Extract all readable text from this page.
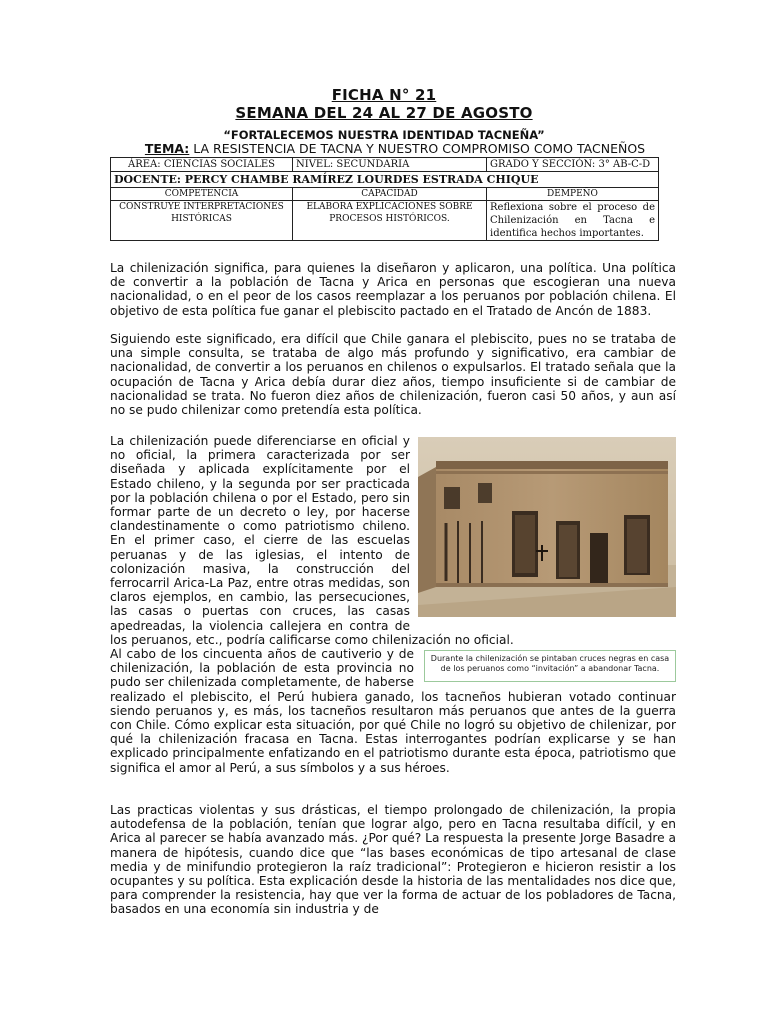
FICHA N° 21

SEMANA DEL 24 AL 27 DE AGOSTO

“FORTALECEMOS NUESTRA IDENTIDAD TACNEÑA”

TEMA: LA RESISTENCIA DE TACNA Y NUESTRO COMPROMISO COMO TACNEÑOS

ÁREA: CIENCIAS SOCIALES	NIVEL: SECUNDARIA	GRADO Y SECCIÓN: 3° AB-C-D
DOCENTE: PERCY CHAMBE RAMÍREZ LOURDES ESTRADA CHIQUE		
COMPETENCIA	CAPACIDAD	DEMPEÑO
CONSTRUYE INTERPRETACIONES HISTÓRICAS	ELABORA EXPLICACIONES SOBRE PROCESOS HISTÓRICOS.	Reflexiona sobre el proceso de Chilenización en Tacna e identifica hechos importantes.

La chilenización significa, para quienes la diseñaron y aplicaron, una política. Una política de convertir a la población de Tacna y Arica en personas que escogieran una nueva nacionalidad, o en el peor de los casos reemplazar a los peruanos por población chilena. El objetivo de esta política fue ganar el plebiscito pactado en el Tratado de Ancón de 1883.

Siguiendo este significado, era difícil que Chile ganara el plebiscito, pues no se trataba de una simple consulta, se trataba de algo más profundo y significativo, era cambiar de nacionalidad, de convertir a los peruanos en chilenos o expulsarlos. El tratado señala que la ocupación de Tacna y Arica debía durar diez años, tiempo insuficiente si de cambiar de nacionalidad se trata. No fueron diez años de chilenización, fueron casi 50 años, y aun así no se pudo chilenizar como pretendía esta política.

La chilenización puede diferenciarse en oficial y no oficial, la primera caracterizada por ser diseñada y aplicada explícitamente por el Estado chileno, y la segunda por ser practicada por la población chilena o por el Estado, pero sin formar parte de un decreto o ley, por hacerse clandestinamente o como patriotismo chileno. En el primer caso, el cierre de las escuelas peruanas y de las iglesias, el intento de colonización masiva, la construcción del ferrocarril Arica-La Paz, entre otras medidas, son claros ejemplos, en cambio, las persecuciones, las casas o puertas con cruces, las casas apedreadas, la violencia callejera en contra de los peruanos, etc., podría calificarse como chilenización no oficial.

Durante la chilenización se pintaban cruces negras en casa de los peruanos como “invitación” a abandonar Tacna.

Al cabo de los cincuenta años de cautiverio y de chilenización, la población de esta provincia no pudo ser chilenizada completamente, de haberse realizado el plebiscito, el Perú hubiera ganado, los tacneños hubieran votado continuar siendo peruanos y, es más, los tacneños resultaron más peruanos que antes de la guerra con Chile. Cómo explicar esta situación, por qué Chile no logró su objetivo de chilenizar, por qué la chilenización fracasa en Tacna. Estas interrogantes podrían explicarse y se han explicado principalmente enfatizando en el patriotismo durante esta época, patriotismo que significa el amor al Perú, a sus símbolos y a sus héroes.

Las practicas violentas y sus drásticas, el tiempo prolongado de chilenización, la propia autodefensa de la población, tenían que lograr algo, pero en Tacna resultaba difícil, y en Arica al parecer se había avanzado más. ¿Por qué? La respuesta la presente Jorge Basadre a manera de hipótesis, cuando dice que “las bases económicas de tipo artesanal de clase media y de minifundio protegieron la raíz tradicional”: Protegieron e hicieron resistir a los ocupantes y su política. Esta explicación desde la historia de las mentalidades nos dice que, para comprender la resistencia, hay que ver la forma de actuar de los pobladores de Tacna, basados en una economía sin industria y de
